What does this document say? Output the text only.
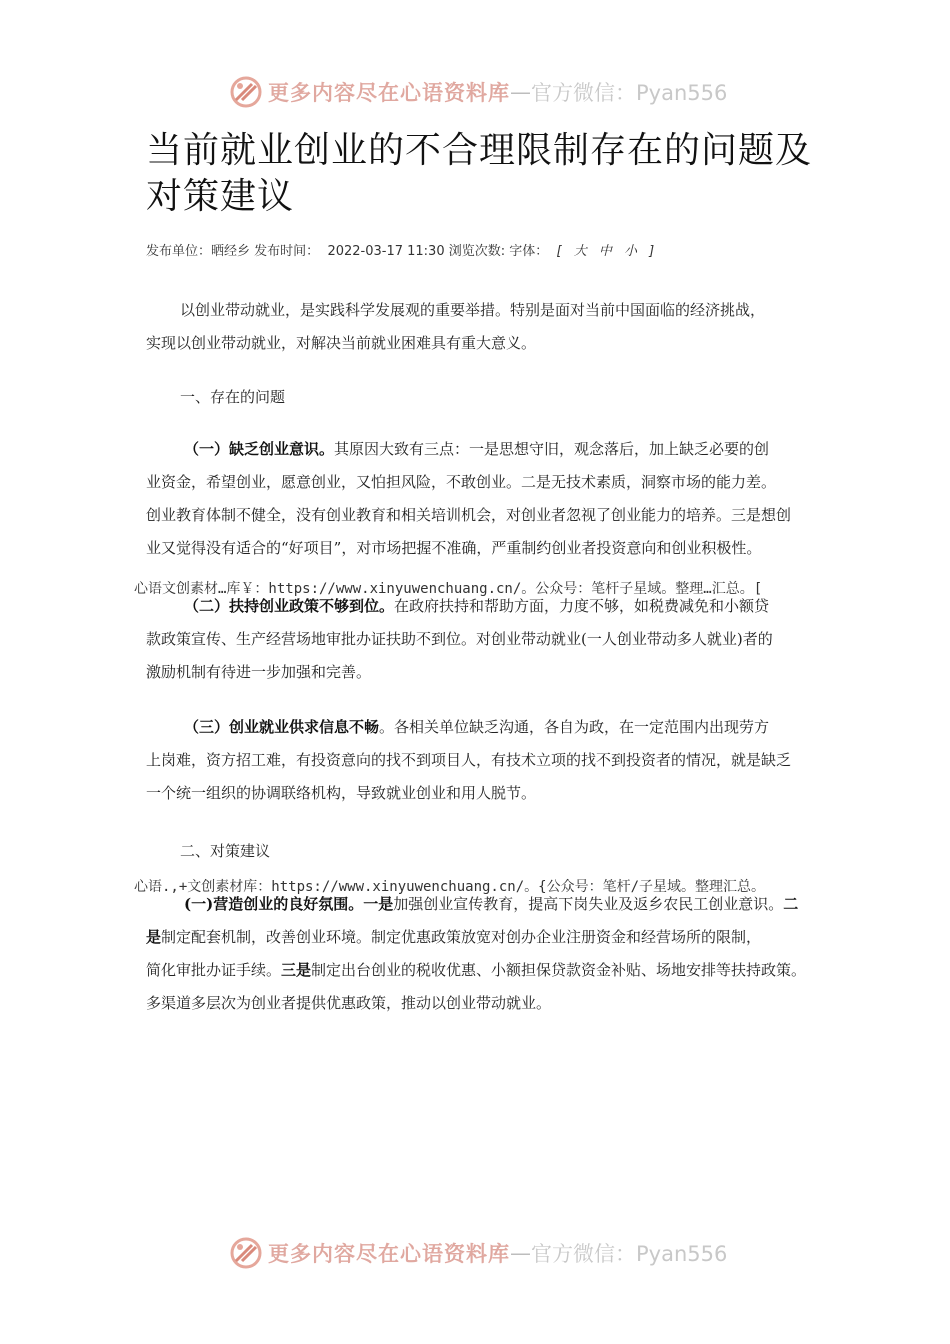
更多内容尽在心语资料库 — 官方微信：Pyan556
当前就业创业的不合理限制存在的问题及对策建议
发布单位：晒经乡 发布时间： 2022-03-17 11:30 浏览次数: 字体： [ 大 中 小 ]
以创业带动就业，是实践科学发展观的重要举措。特别是面对当前中国面临的经济挑战，
实现以创业带动就业，对解决当前就业困难具有重大意义。
一、存在的问题
（一）缺乏创业意识。其原因大致有三点：一是思想守旧，观念落后，加上缺乏必要的创
业资金，希望创业，愿意创业，又怕担风险，不敢创业。二是无技术素质，洞察市场的能力差。
创业教育体制不健全，没有创业教育和相关培训机会，对创业者忽视了创业能力的培养。三是想创
业又觉得没有适合的“好项目”，对市场把握不准确，严重制约创业者投资意向和创业积极性。
心语文创素材…库￥：https://www.xinyuwenchuang.cn/。公众号：笔杆子星域。整理…汇总。[
（二）扶持创业政策不够到位。在政府扶持和帮助方面，力度不够，如税费减免和小额贷
款政策宣传、生产经营场地审批办证扶助不到位。对创业带动就业(一人创业带动多人就业)者的
激励机制有待进一步加强和完善。
（三）创业就业供求信息不畅。各相关单位缺乏沟通，各自为政，在一定范围内出现劳方
上岗难，资方招工难，有投资意向的找不到项目人，有技术立项的找不到投资者的情况，就是缺乏
一个统一组织的协调联络机构，导致就业创业和用人脱节。
二、对策建议
心语.,+文创素材库：https://www.xinyuwenchuang.cn/。{公众号：笔杆/子星域。整理汇总。
(一)营造创业的良好氛围。一是加强创业宣传教育，提高下岗失业及返乡农民工创业意识。二
是制定配套机制，改善创业环境。制定优惠政策放宽对创办企业注册资金和经营场所的限制，
简化审批办证手续。三是制定出台创业的税收优惠、小额担保贷款资金补贴、场地安排等扶持政策。
多渠道多层次为创业者提供优惠政策，推动以创业带动就业。
更多内容尽在心语资料库 — 官方微信：Pyan556
